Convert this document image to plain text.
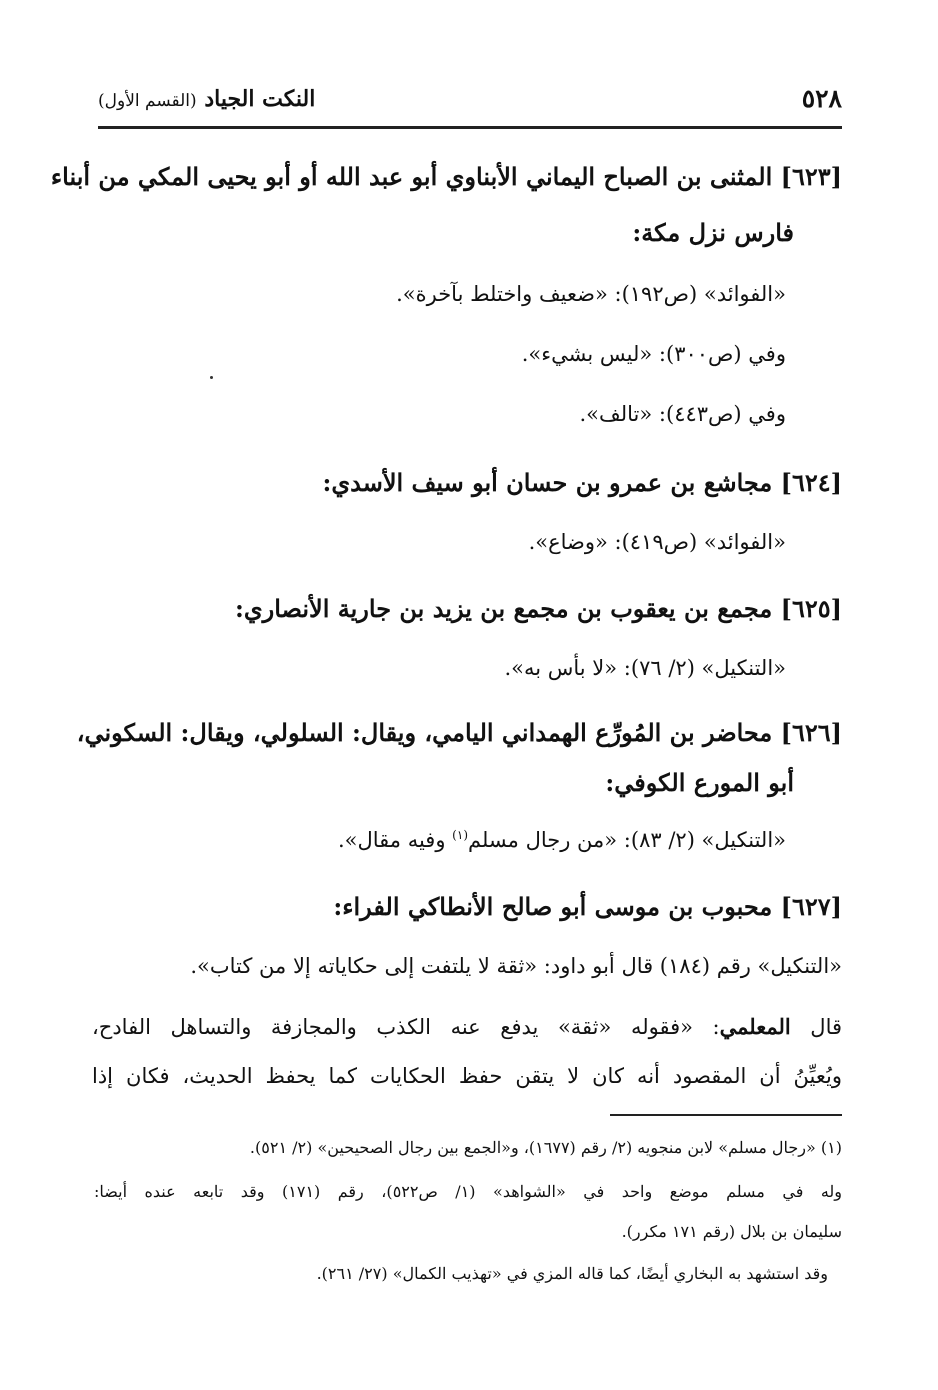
٥٢٨
النكت الجياد (القسم الأول)
[٦٢٣] المثنى بن الصباح اليماني الأبناوي أبو عبد الله أو أبو يحيى المكي من أبناء
فارس نزل مكة:
«الفوائد» (ص١٩٢): «ضعيف واختلط بآخرة».
وفي (ص٣٠٠): «ليس بشيء».
وفي (ص٤٤٣): «تالف».
[٦٢٤] مجاشع بن عمرو بن حسان أبو سيف الأسدي:
«الفوائد» (ص٤١٩): «وضاع».
[٦٢٥] مجمع بن يعقوب بن مجمع بن يزيد بن جارية الأنصاري:
«التنكيل» (٢/ ٧٦): «لا بأس به».
[٦٢٦] محاضر بن المُورِّع الهمداني اليامي، ويقال: السلولي، ويقال: السكوني،
أبو المورع الكوفي:
«التنكيل» (٢/ ٨٣): «من رجال مسلم$^{(١)}$ وفيه مقال».
[٦٢٧] محبوب بن موسى أبو صالح الأنطاكي الفراء:
«التنكيل» رقم (١٨٤) قال أبو داود: «ثقة لا يلتفت إلى حكاياته إلا من كتاب».
قال المعلمي: «فقوله «ثقة» يدفع عنه الكذب والمجازفة والتساهل الفادح،
ويُعيِّنُ أن المقصود أنه كان لا يتقن حفظ الحكايات كما يحفظ الحديث، فكان إذا
(١) «رجال مسلم» لابن منجويه (٢/ رقم (١٦٧٧)، و«الجمع بين رجال الصحيحين» (٢/ ٥٢١).
وله في مسلم موضع واحد في «الشواهد» (١/ ص٥٢٢)، رقم (١٧١) وقد تابعه عنده أيضا:
سليمان بن بلال (رقم ١٧١ مكرر).
وقد استشهد به البخاري أيضًا، كما قاله المزي في «تهذيب الكمال» (٢٧/ ٢٦١).
